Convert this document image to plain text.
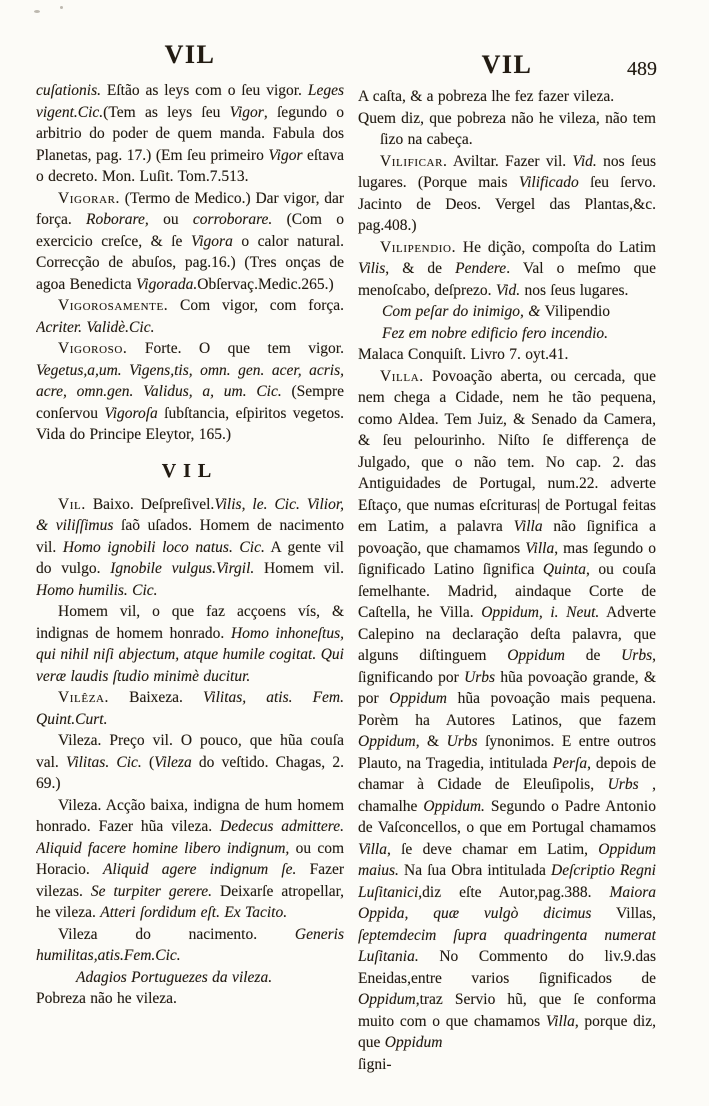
VIL	VIL	489

cuſationis. Eſtão as leys com o ſeu vigor. Leges vigent.Cic.(Tem as leys ſeu Vigor, ſegundo o arbitrio do poder de quem manda. Fabula dos Planetas, pag. 17.) (Em ſeu primeiro Vigor eſtava o decreto. Mon. Luſit. Tom.7.513.

Vigorar. (Termo de Medico.) Dar vigor, dar força. Roborare, ou corroborare. (Com o exercicio creſce, & ſe Vigora o calor natural. Correcção de abuſos, pag.16.) (Tres onças de agoa Benedicta Vigorada.Obſervaç.Medic.265.)

Vigorosamente. Com vigor, com força. Acriter. Validè.Cic.

Vigoroso. Forte. O que tem vigor. Vegetus,a,um. Vigens,tis, omn. gen. acer, acris, acre, omn.gen. Validus, a, um. Cic. (Sempre conſervou Vigoroſa ſubſtancia, eſpiritos vegetos. Vida do Principe Eleytor, 165.)

VIL

Vil. Baixo. Deſpreſivel.Vilis, le. Cic. Vilior, & viliſſimus ſaõ uſados. Homem de nacimento vil. Homo ignobili loco natus. Cic. A gente vil do vulgo. Ignobile vulgus.Virgil. Homem vil. Homo humilis. Cic.

Homem vil, o que faz acçoens vís, & indignas de homem honrado. Homo inhoneſtus, qui nihil niſi abjectum, atque humile cogitat. Qui veræ laudis ſtudio minimè ducitur.

Vilêza. Baixeza. Vilitas, atis. Fem. Quint.Curt.

Vileza. Preço vil. O pouco, que hũa couſa val. Vilitas. Cic. (Vileza do veſtido. Chagas, 2. 69.)

Vileza. Acção baixa, indigna de hum homem honrado. Fazer hũa vileza. Dedecus admittere. Aliquid facere homine libero indignum, ou com Horacio. Aliquid agere indignum ſe. Fazer vilezas. Se turpiter gerere. Deixarſe atropellar, he vileza. Atteri ſordidum eſt. Ex Tacito.

Vileza do nacimento. Generis humilitas,atis.Fem.Cic.

Adagios Portuguezes da vileza.

Pobreza não he vileza.

A caſta, & a pobreza lhe fez fazer vileza.

Quem diz, que pobreza não he vileza, não tem ſizo na cabeça.

Vilificar. Aviltar. Fazer vil. Vid. nos ſeus lugares. (Porque mais Vilificado ſeu ſervo. Jacinto de Deos. Vergel das Plantas,&c. pag.408.)

Vilipendio. He dição, compoſta do Latim Vilis, & de Pendere. Val o meſmo que menoſcabo, deſprezo. Vid. nos ſeus lugares.

Com peſar do inimigo, & Vilipendio

Fez em nobre edificio fero incendio.

Malaca Conquiſt. Livro 7. oyt.41.

Villa. Povoação aberta, ou cercada, que nem chega a Cidade, nem he tão pequena, como Aldea. Tem Juiz, & Senado da Camera, & ſeu pelourinho. Niſto ſe differença de Julgado, que o não tem. No cap. 2. das Antiguidades de Portugal, num.22. adverte Eſtaço, que numas eſcrituras| de Portugal feitas em Latim, a palavra Villa não ſignifica a povoação, que chamamos Villa, mas ſegundo o ſignificado Latino ſignifica Quinta, ou couſa ſemelhante. Madrid, aindaque Corte de Caſtella, he Villa. Oppidum, i. Neut. Adverte Calepino na declaração deſta palavra, que alguns diſtinguem Oppidum de Urbs, ſignificando por Urbs hũa povoação grande, & por Oppidum hũa povoação mais pequena. Porèm ha Autores Latinos, que fazem Oppidum, & Urbs ſynonimos. E entre outros Plauto, na Tragedia, intitulada Perſa, depois de chamar à Cidade de Eleuſipolis, Urbs , chamalhe Oppidum. Segundo o Padre Antonio de Vaſconcellos, o que em Portugal chamamos Villa, ſe deve chamar em Latim, Oppidum maius. Na ſua Obra intitulada Deſcriptio Regni Luſitanici,diz eſte Autor,pag.388. Maiora Oppida, quæ vulgò dicimus Villas, ſeptemdecim ſupra quadringenta numerat Luſitania. No Commento do liv.9.das Eneidas,entre varios ſignificados de Oppidum,traz Servio hũ, que ſe conforma muito com o que chamamos Villa, porque diz, que Oppidum

ſigni-
